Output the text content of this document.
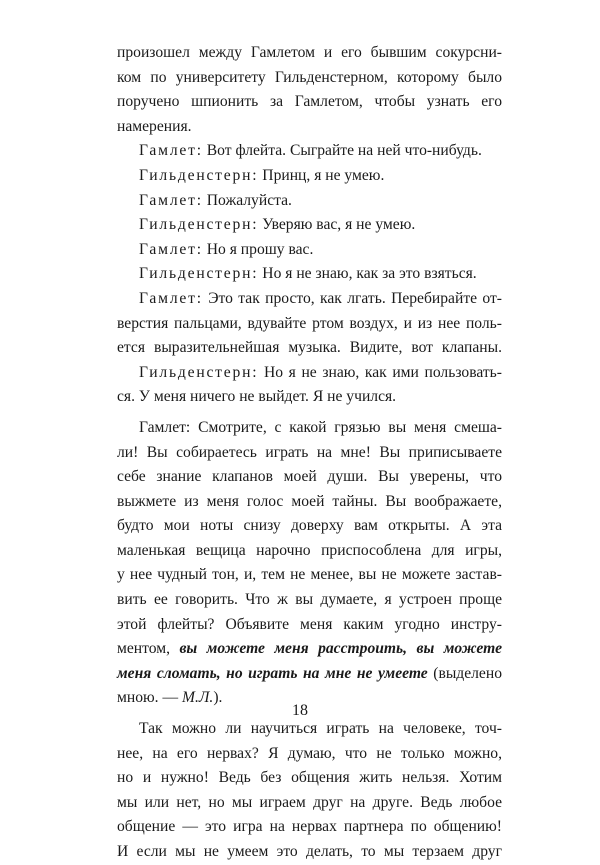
произошел между Гамлетом и его бывшим сокурсни-
ком по университету Гильденстерном, которому было
поручено шпионить за Гамлетом, чтобы узнать его
намерения.
Гамлет: Вот флейта. Сыграйте на ней что-нибудь.
Гильденстерн: Принц, я не умею.
Гамлет: Пожалуйста.
Гильденстерн: Уверяю вас, я не умею.
Гамлет: Но я прошу вас.
Гильденстерн: Но я не знаю, как за это взяться.
Гамлет: Это так просто, как лгать. Перебирайте от-
верстия пальцами, вдувайте ртом воздух, и из нее поль-
ется выразительнейшая музыка. Видите, вот клапаны.
Гильденстерн: Но я не знаю, как ими пользовать-
ся. У меня ничего не выйдет. Я не учился.
Гамлет: Смотрите, с какой грязью вы меня смеша-
ли! Вы собираетесь играть на мне! Вы приписываете
себе знание клапанов моей души. Вы уверены, что
выжмете из меня голос моей тайны. Вы воображаете,
будто мои ноты снизу доверху вам открыты. А эта
маленькая вещица нарочно приспособлена для игры,
у нее чудный тон, и, тем не менее, вы не можете застав-
вить ее говорить. Что ж вы думаете, я устроен проще
этой флейты? Объявите меня каким угодно инстру-
ментом, вы можете меня расстроить, вы можете
меня сломать, но играть на мне не умеете (выделено
мною. — М.Л.).
Так можно ли научиться играть на человеке, точ-
нее, на его нервах? Я думаю, что не только можно,
но и нужно! Ведь без общения жить нельзя. Хотим
мы или нет, но мы играем друг на друге. Ведь любое
общение — это игра на нервах партнера по общению!
И если мы не умеем это делать, то мы терзаем друг
18
